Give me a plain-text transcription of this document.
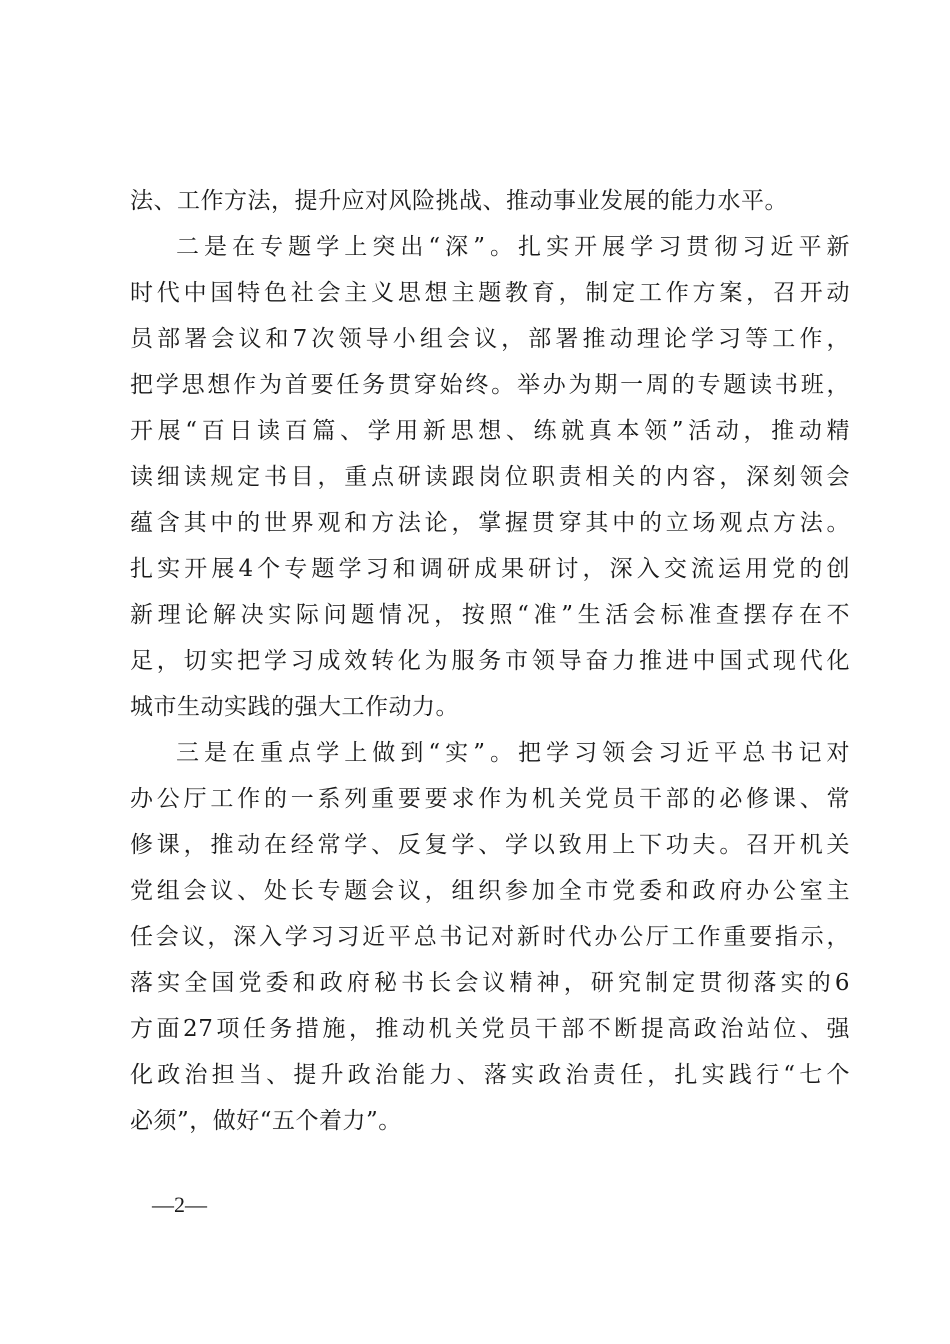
法、工作方法，提升应对风险挑战、推动事业发展的能力水平。
二是在专题学上突出“深”。扎实开展学习贯彻习近平新
时代中国特色社会主义思想主题教育，制定工作方案，召开动
员部署会议和7次领导小组会议，部署推动理论学习等工作，
把学思想作为首要任务贯穿始终。举办为期一周的专题读书班，
开展“百日读百篇、学用新思想、练就真本领”活动，推动精
读细读规定书目，重点研读跟岗位职责相关的内容，深刻领会
蕴含其中的世界观和方法论，掌握贯穿其中的立场观点方法。
扎实开展4个专题学习和调研成果研讨，深入交流运用党的创
新理论解决实际问题情况，按照“准”生活会标准查摆存在不
足，切实把学习成效转化为服务市领导奋力推进中国式现代化
城市生动实践的强大工作动力。
三是在重点学上做到“实”。把学习领会习近平总书记对
办公厅工作的一系列重要要求作为机关党员干部的必修课、常
修课，推动在经常学、反复学、学以致用上下功夫。召开机关
党组会议、处长专题会议，组织参加全市党委和政府办公室主
任会议，深入学习习近平总书记对新时代办公厅工作重要指示，
落实全国党委和政府秘书长会议精神，研究制定贯彻落实的6
方面27项任务措施，推动机关党员干部不断提高政治站位、强
化政治担当、提升政治能力、落实政治责任，扎实践行“七个
必须”，做好“五个着力”。
—2—
